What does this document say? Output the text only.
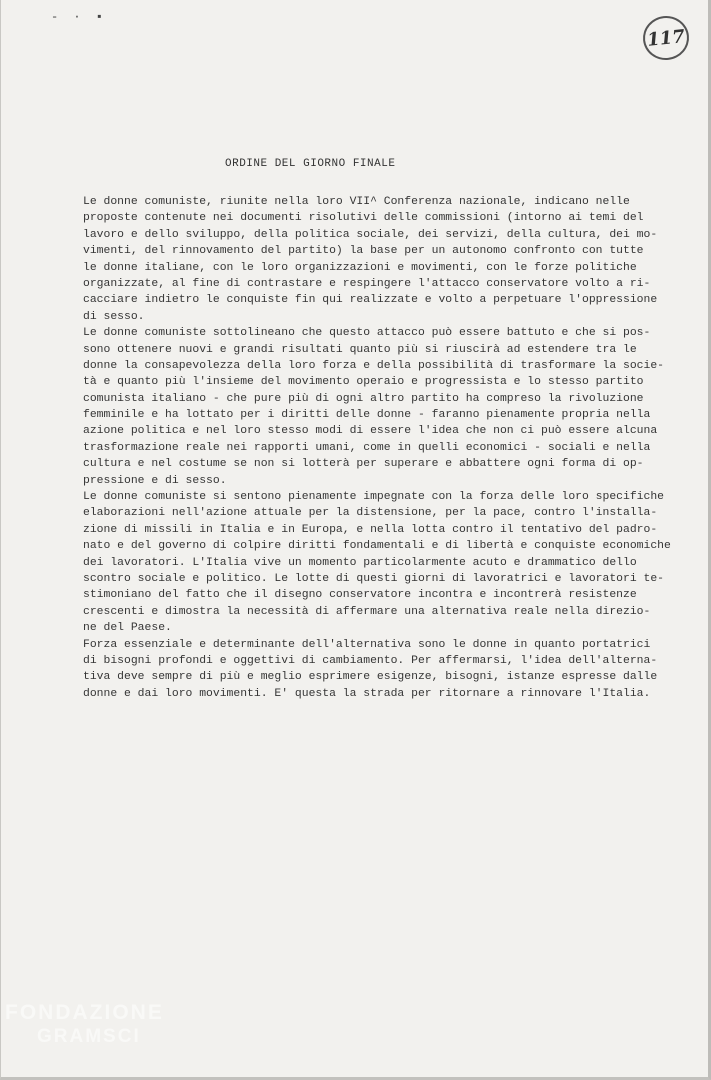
- · ▪
117
ORDINE DEL GIORNO FINALE
Le donne comuniste, riunite nella loro VII^ Conferenza nazionale, indicano nelle
proposte contenute nei documenti risolutivi delle commissioni (intorno ai temi del
lavoro e dello sviluppo, della politica sociale, dei servizi, della cultura, dei mo-
vimenti, del rinnovamento del partito) la base per un autonomo confronto con tutte
le donne italiane, con le loro organizzazioni e movimenti, con le forze politiche
organizzate, al fine di contrastare e respingere l'attacco conservatore volto a ri-
cacciare indietro le conquiste fin qui realizzate e volto a perpetuare l'oppressione
di sesso.
Le donne comuniste sottolineano che questo attacco può essere battuto e che si pos-
sono ottenere nuovi e grandi risultati quanto più si riuscirà ad estendere tra le
donne la consapevolezza della loro forza e della possibilità di trasformare la socie-
tà e quanto più l'insieme del movimento operaio e progressista e lo stesso partito
comunista italiano - che pure più di ogni altro partito ha compreso la rivoluzione
femminile e ha lottato per i diritti delle donne - faranno pienamente propria nella
azione politica e nel loro stesso modi di essere l'idea che non ci può essere alcuna
trasformazione reale nei rapporti umani, come in quelli economici - sociali e nella
cultura e nel costume se non si lotterà per superare e abbattere ogni forma di op-
pressione e di sesso.
Le donne comuniste si sentono pienamente impegnate con la forza delle loro specifiche
elaborazioni nell'azione attuale per la distensione, per la pace, contro l'installa-
zione di missili in Italia e in Europa, e nella lotta contro il tentativo del padro-
nato e del governo di colpire diritti fondamentali e di libertà e conquiste economiche
dei lavoratori. L'Italia vive un momento particolarmente acuto e drammatico dello
scontro sociale e politico. Le lotte di questi giorni di lavoratrici e lavoratori te-
stimoniano del fatto che il disegno conservatore incontra e incontrerà resistenze
crescenti e dimostra la necessità di affermare una alternativa reale nella direzio-
ne del Paese.
Forza essenziale e determinante dell'alternativa sono le donne in quanto portatrici
di bisogni profondi e oggettivi di cambiamento. Per affermarsi, l'idea dell'alterna-
tiva deve sempre di più e meglio esprimere esigenze, bisogni, istanze espresse dalle
donne e dai loro movimenti. E' questa la strada per ritornare a rinnovare l'Italia.
FONDAZIONE
GRAMSCI
